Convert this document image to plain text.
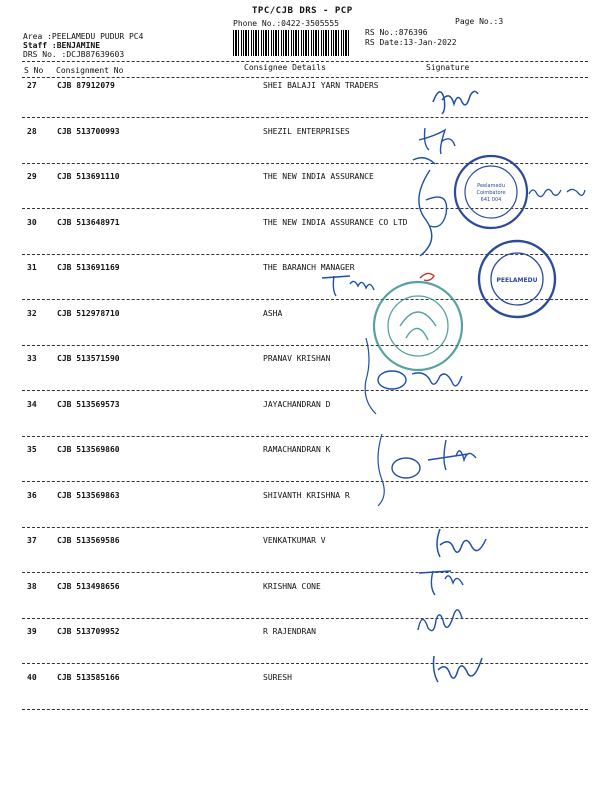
TPC/CJB DRS - PCP
Phone No.:0422-3505555	Page No.:3
Area :PEELAMEDU PUDUR PC4
Staff :BENJAMINE
DRS No. :DCJB87639603
RS No.:876396
RS Date:13-Jan-2022
S No Consignment No	Consignee Details	Signature
27	CJB 87912079	SHEI BALAJI YARN TRADERS
28	CJB 513700993	SHEZIL ENTERPRISES
29	CJB 513691110	THE NEW INDIA ASSURANCE
30	CJB 513648971	THE NEW INDIA ASSURANCE CO LTD
31	CJB 513691169	THE BARANCH MANAGER
32	CJB 512978710	ASHA
33	CJB 513571590	PRANAV KRISHAN
34	CJB 513569573	JAYACHANDRAN D
35	CJB 513569860	RAMACHANDRAN K
36	CJB 513569863	SHIVANTH KRISHNA R
37	CJB 513569586	VENKATKUMAR V
38	CJB 513498656	KRISHNA CONE
39	CJB 513709952	R RAJENDRAN
40	CJB 513585166	SURESH
Peelamedu
Coimbatore
641 004
PEELAMEDU
